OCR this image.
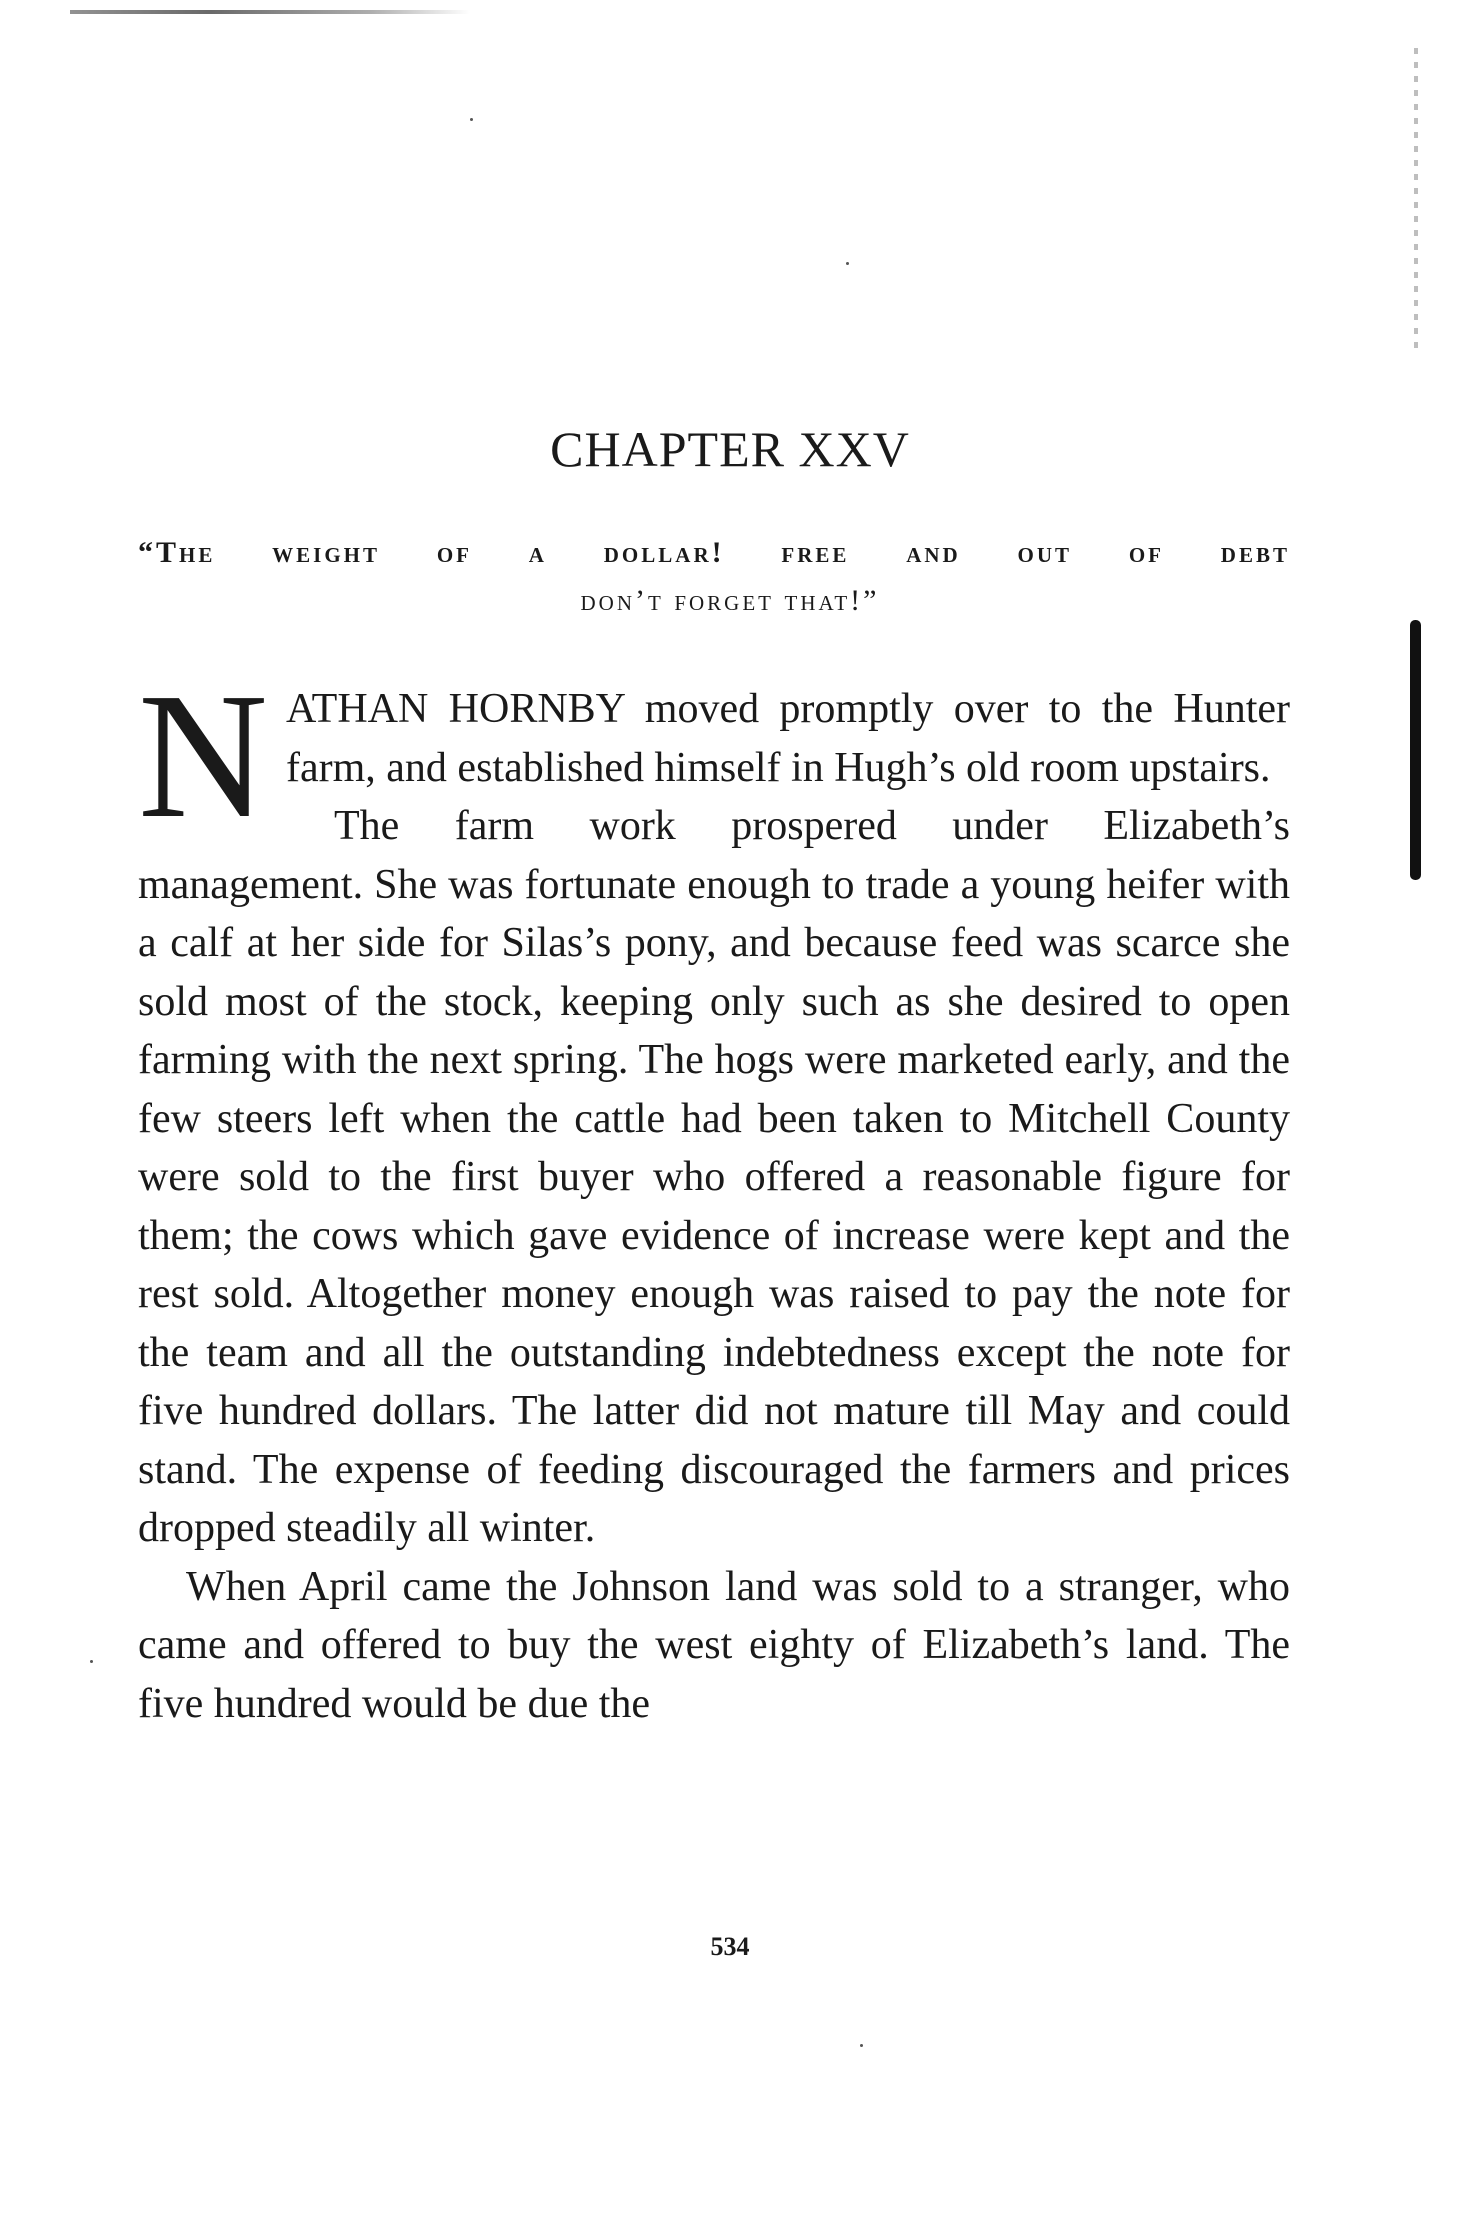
CHAPTER XXV

“The weight of a dollar! free and out of debt

don’t forget that!”

NATHAN HORNBY moved promptly over to the Hunter farm, and established himself in Hugh’s old room upstairs.

The farm work prospered under Elizabeth’s management. She was fortunate enough to trade a young heifer with a calf at her side for Silas’s pony, and because feed was scarce she sold most of the stock, keeping only such as she desired to open farming with the next spring. The hogs were marketed early, and the few steers left when the cattle had been taken to Mitchell County were sold to the first buyer who offered a reasonable figure for them; the cows which gave evidence of increase were kept and the rest sold. Altogether money enough was raised to pay the note for the team and all the outstanding indebtedness except the note for five hundred dollars. The latter did not mature till May and could stand. The expense of feeding discouraged the farmers and prices dropped steadily all winter.

When April came the Johnson land was sold to a stranger, who came and offered to buy the west eighty of Elizabeth’s land. The five hundred would be due the

534
